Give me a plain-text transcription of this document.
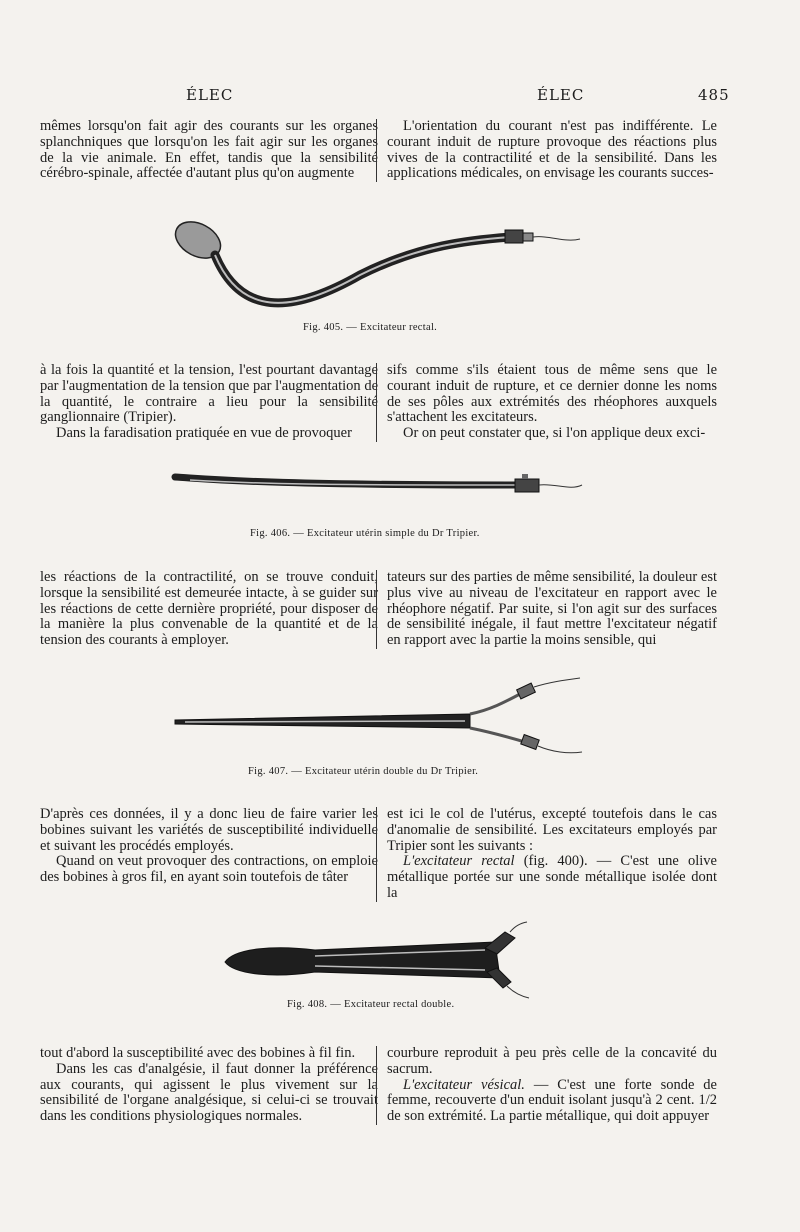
ÉLEC	ÉLEC	485

mêmes lorsqu'on fait agir des courants sur les organes splanchniques que lorsqu'on les fait agir sur les organes de la vie animale. En effet, tandis que la sensibilité cérébro-spinale, affectée d'autant plus qu'on augmente

L'orientation du courant n'est pas indifférente. Le courant induit de rupture provoque des réactions plus vives de la contractilité et de la sensibilité. Dans les applications médicales, on envisage les courants succes-

Fig. 405. — Excitateur rectal.

à la fois la quantité et la tension, l'est pourtant davantage par l'augmentation de la tension que par l'augmentation de la quantité, le contraire a lieu pour la sensibilité ganglionnaire (Tripier).

Dans la faradisation pratiquée en vue de provoquer

sifs comme s'ils étaient tous de même sens que le courant induit de rupture, et ce dernier donne les noms de ses pôles aux extrémités des rhéophores auxquels s'attachent les excitateurs.

Or on peut constater que, si l'on applique deux exci-

Fig. 406. — Excitateur utérin simple du Dr Tripier.

les réactions de la contractilité, on se trouve conduit, lorsque la sensibilité est demeurée intacte, à se guider sur les réactions de cette dernière propriété, pour disposer de la manière la plus convenable de la quantité et de la tension des courants à employer.

tateurs sur des parties de même sensibilité, la douleur est plus vive au niveau de l'excitateur en rapport avec le rhéophore négatif. Par suite, si l'on agit sur des surfaces de sensibilité inégale, il faut mettre l'excitateur négatif en rapport avec la partie la moins sensible, qui

Fig. 407. — Excitateur utérin double du Dr Tripier.

D'après ces données, il y a donc lieu de faire varier les bobines suivant les variétés de susceptibilité individuelle et suivant les procédés employés.

Quand on veut provoquer des contractions, on emploie des bobines à gros fil, en ayant soin toutefois de tâter

est ici le col de l'utérus, excepté toutefois dans le cas d'anomalie de sensibilité. Les excitateurs employés par Tripier sont les suivants :

L'excitateur rectal (fig. 400). — C'est une olive métallique portée sur une sonde métallique isolée dont la

Fig. 408. — Excitateur rectal double.

tout d'abord la susceptibilité avec des bobines à fil fin.

Dans les cas d'analgésie, il faut donner la préférence aux courants, qui agissent le plus vivement sur la sensibilité de l'organe analgésique, si celui-ci se trouvait dans les conditions physiologiques normales.

courbure reproduit à peu près celle de la concavité du sacrum.

L'excitateur vésical. — C'est une forte sonde de femme, recouverte d'un enduit isolant jusqu'à 2 cent. 1/2 de son extrémité. La partie métallique, qui doit appuyer
